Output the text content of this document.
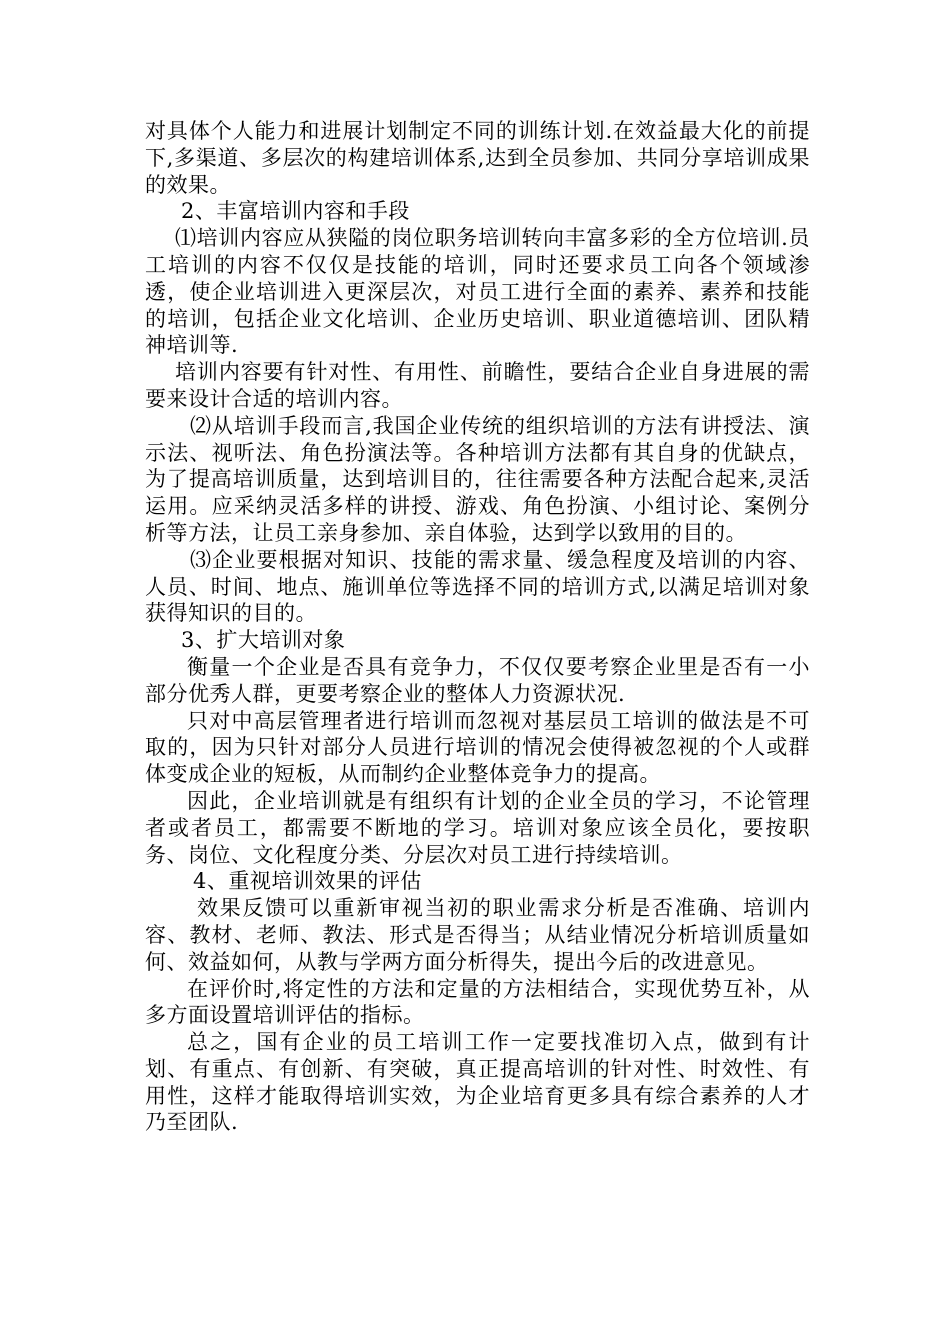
对具体个人能力和进展计划制定不同的训练计划.在效益最大化的前提下,多渠道、多层次的构建培训体系,达到全员参加、共同分享培训成果的效果。

2、丰富培训内容和手段

⑴培训内容应从狭隘的岗位职务培训转向丰富多彩的全方位培训.员工培训的内容不仅仅是技能的培训，同时还要求员工向各个领域渗透，使企业培训进入更深层次，对员工进行全面的素养、素养和技能的培训，包括企业文化培训、企业历史培训、职业道德培训、团队精神培训等.

培训内容要有针对性、有用性、前瞻性，要结合企业自身进展的需要来设计合适的培训内容。

⑵从培训手段而言,我国企业传统的组织培训的方法有讲授法、演示法、视听法、角色扮演法等。各种培训方法都有其自身的优缺点，为了提高培训质量，达到培训目的，往往需要各种方法配合起来,灵活运用。应采纳灵活多样的讲授、游戏、角色扮演、小组讨论、案例分析等方法，让员工亲身参加、亲自体验，达到学以致用的目的。

⑶企业要根据对知识、技能的需求量、缓急程度及培训的内容、人员、时间、地点、施训单位等选择不同的培训方式,以满足培训对象获得知识的目的。

3、扩大培训对象

衡量一个企业是否具有竞争力，不仅仅要考察企业里是否有一小部分优秀人群，更要考察企业的整体人力资源状况.

只对中高层管理者进行培训而忽视对基层员工培训的做法是不可取的，因为只针对部分人员进行培训的情况会使得被忽视的个人或群体变成企业的短板，从而制约企业整体竞争力的提高。

因此，企业培训就是有组织有计划的企业全员的学习，不论管理者或者员工，都需要不断地的学习。培训对象应该全员化，要按职务、岗位、文化程度分类、分层次对员工进行持续培训。

4、重视培训效果的评估

效果反馈可以重新审视当初的职业需求分析是否准确、培训内容、教材、老师、教法、形式是否得当；从结业情况分析培训质量如何、效益如何，从教与学两方面分析得失，提出今后的改进意见。

在评价时,将定性的方法和定量的方法相结合，实现优势互补，从多方面设置培训评估的指标。

总之，国有企业的员工培训工作一定要找准切入点，做到有计划、有重点、有创新、有突破，真正提高培训的针对性、时效性、有用性，这样才能取得培训实效，为企业培育更多具有综合素养的人才乃至团队.
